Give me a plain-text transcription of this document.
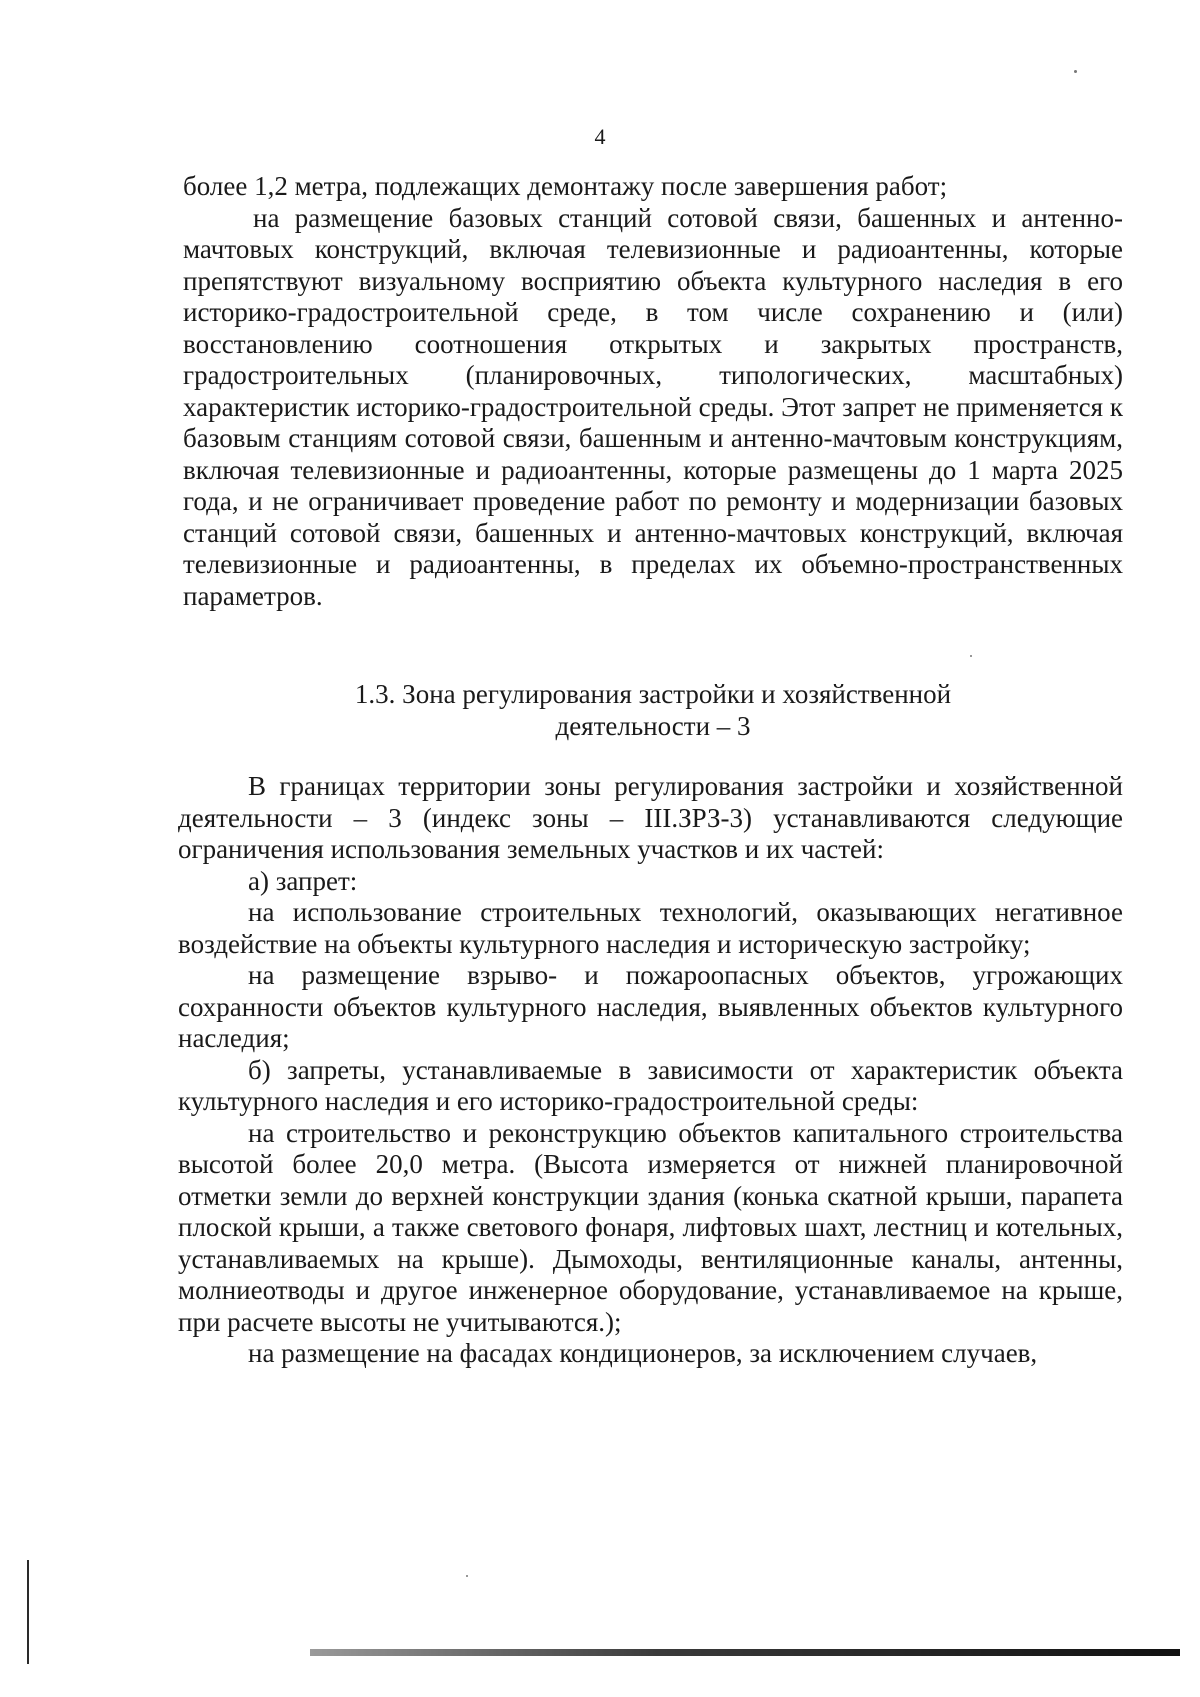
4

более 1,2 метра, подлежащих демонтажу после завершения работ;

на размещение базовых станций сотовой связи, башенных и антенно-мачтовых конструкций, включая телевизионные и радиоантенны, которые препятствуют визуальному восприятию объекта культурного наследия в его историко-градостроительной среде, в том числе сохранению и (или) восстановлению соотношения открытых и закрытых пространств, градостроительных (планировочных, типологических, масштабных) характеристик историко-градостроительной среды. Этот запрет не применяется к базовым станциям сотовой связи, башенным и антенно-мачтовым конструкциям, включая телевизионные и радиоантенны, которые размещены до 1 марта 2025 года, и не ограничивает проведение работ по ремонту и модернизации базовых станций сотовой связи, башенных и антенно-мачтовых конструкций, включая телевизионные и радиоантенны, в пределах их объемно-пространственных параметров.

1.3. Зона регулирования застройки и хозяйственной
деятельности – 3

В границах территории зоны регулирования застройки и хозяйственной деятельности – 3 (индекс зоны – III.ЗРЗ-3) устанавливаются следующие ограничения использования земельных участков и их частей:

а) запрет:

на использование строительных технологий, оказывающих негативное воздействие на объекты культурного наследия и историческую застройку;

на размещение взрыво- и пожароопасных объектов, угрожающих сохранности объектов культурного наследия, выявленных объектов культурного наследия;

б) запреты, устанавливаемые в зависимости от характеристик объекта культурного наследия и его историко-градостроительной среды:

на строительство и реконструкцию объектов капитального строительства высотой более 20,0 метра. (Высота измеряется от нижней планировочной отметки земли до верхней конструкции здания (конька скатной крыши, парапета плоской крыши, а также светового фонаря, лифтовых шахт, лестниц и котельных, устанавливаемых на крыше). Дымоходы, вентиляционные каналы, антенны, молниеотводы и другое инженерное оборудование, устанавливаемое на крыше, при расчете высоты не учитываются.);

на размещение на фасадах кондиционеров, за исключением случаев,
